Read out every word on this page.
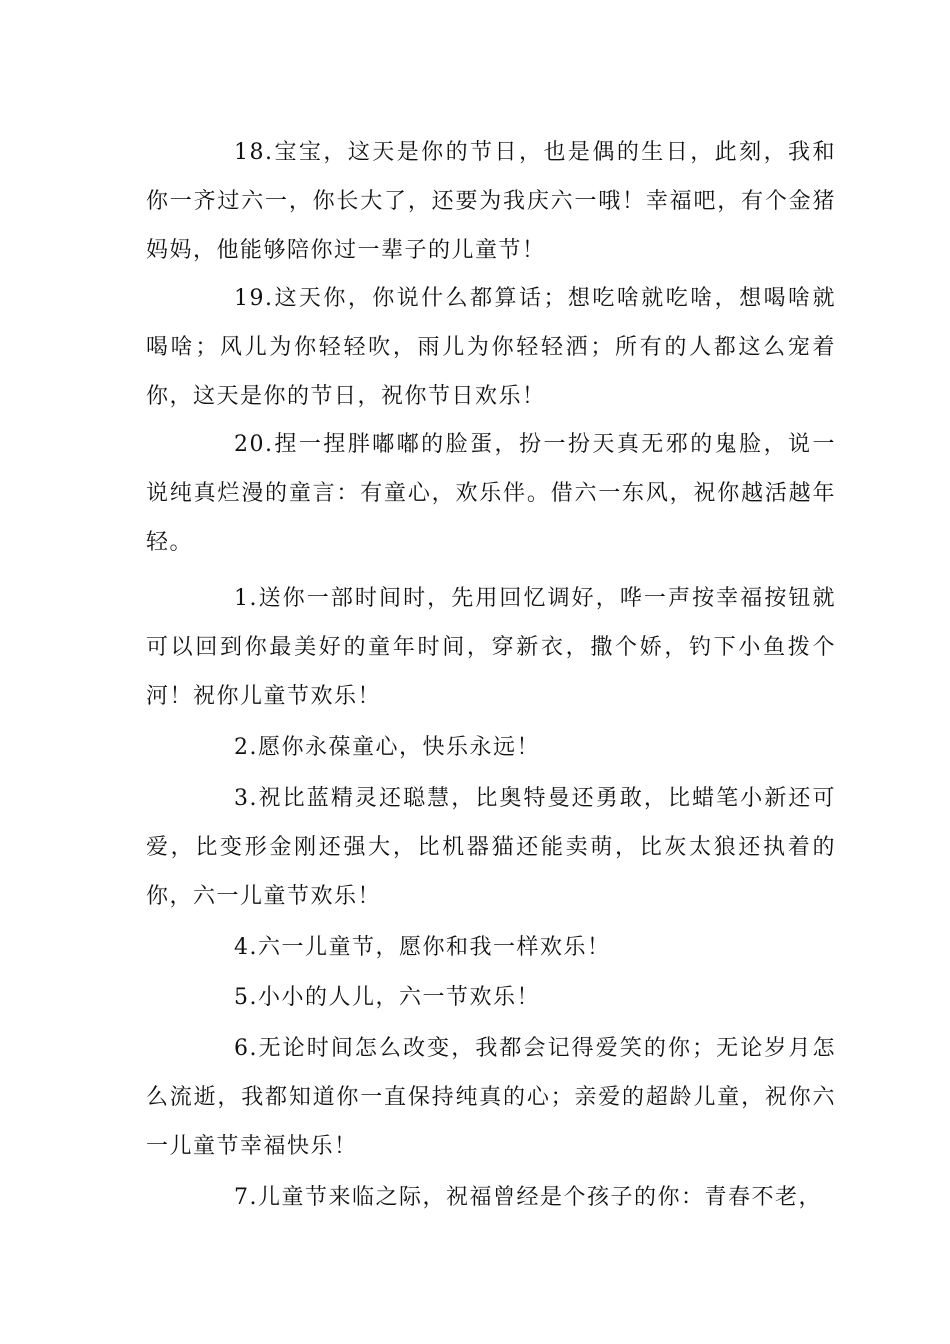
18.宝宝，这天是你的节日，也是偶的生日，此刻，我和你一齐过六一，你长大了，还要为我庆六一哦！幸福吧，有个金猪妈妈，他能够陪你过一辈子的儿童节！

19.这天你，你说什么都算话；想吃啥就吃啥，想喝啥就喝啥；风儿为你轻轻吹，雨儿为你轻轻洒；所有的人都这么宠着你，这天是你的节日，祝你节日欢乐！

20.捏一捏胖嘟嘟的脸蛋，扮一扮天真无邪的鬼脸，说一说纯真烂漫的童言：有童心，欢乐伴。借六一东风，祝你越活越年轻。

1.送你一部时间时，先用回忆调好，哗一声按幸福按钮就可以回到你最美好的童年时间，穿新衣，撒个娇，钓下小鱼拨个河！祝你儿童节欢乐！

2.愿你永葆童心，快乐永远！

3.祝比蓝精灵还聪慧，比奥特曼还勇敢，比蜡笔小新还可爱，比变形金刚还强大，比机器猫还能卖萌，比灰太狼还执着的你，六一儿童节欢乐！

4.六一儿童节，愿你和我一样欢乐！

5.小小的人儿，六一节欢乐！

6.无论时间怎么改变，我都会记得爱笑的你；无论岁月怎么流逝，我都知道你一直保持纯真的心；亲爱的超龄儿童，祝你六一儿童节幸福快乐！

7.儿童节来临之际，祝福曾经是个孩子的你：青春不老，
